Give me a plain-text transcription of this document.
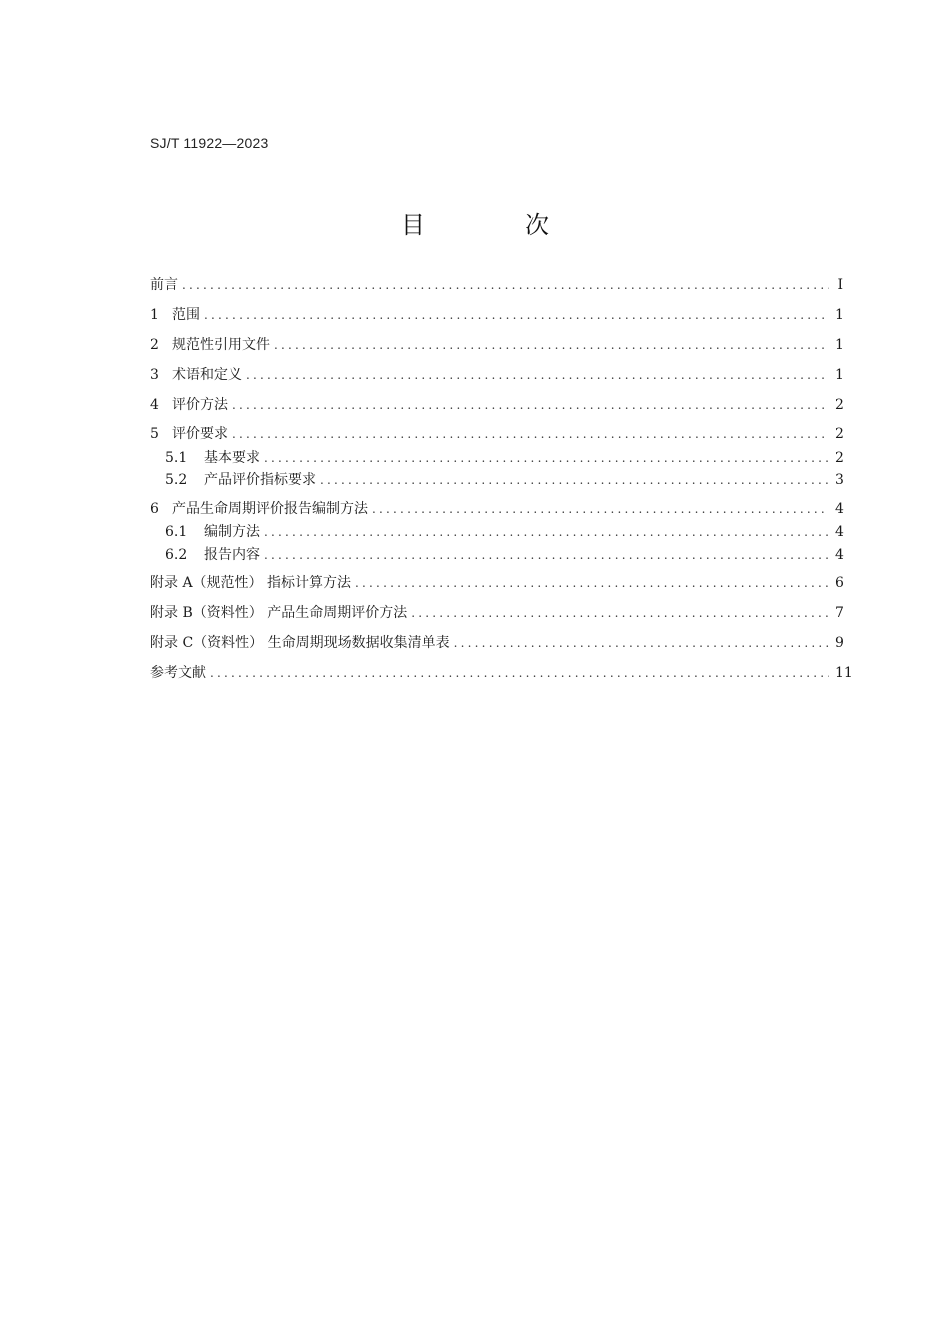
SJ/T 11922—2023
目　次
前言 .....	I
1 范围 .....	1
2 规范性引用文件 .....	1
3 术语和定义 .....	1
4 评价方法 .....	2
5 评价要求 .....	2
5.1	基本要求 .....	2
5.2	产品评价指标要求 .....	3
6 产品生命周期评价报告编制方法 .....	4
6.1	编制方法 .....	4
6.2	报告内容 .....	4
附录 A（规范性） 指标计算方法 .....	6
附录 B（资料性） 产品生命周期评价方法 .....	7
附录 C（资料性） 生命周期现场数据收集清单表 .....	9
参考文献 .....	11
